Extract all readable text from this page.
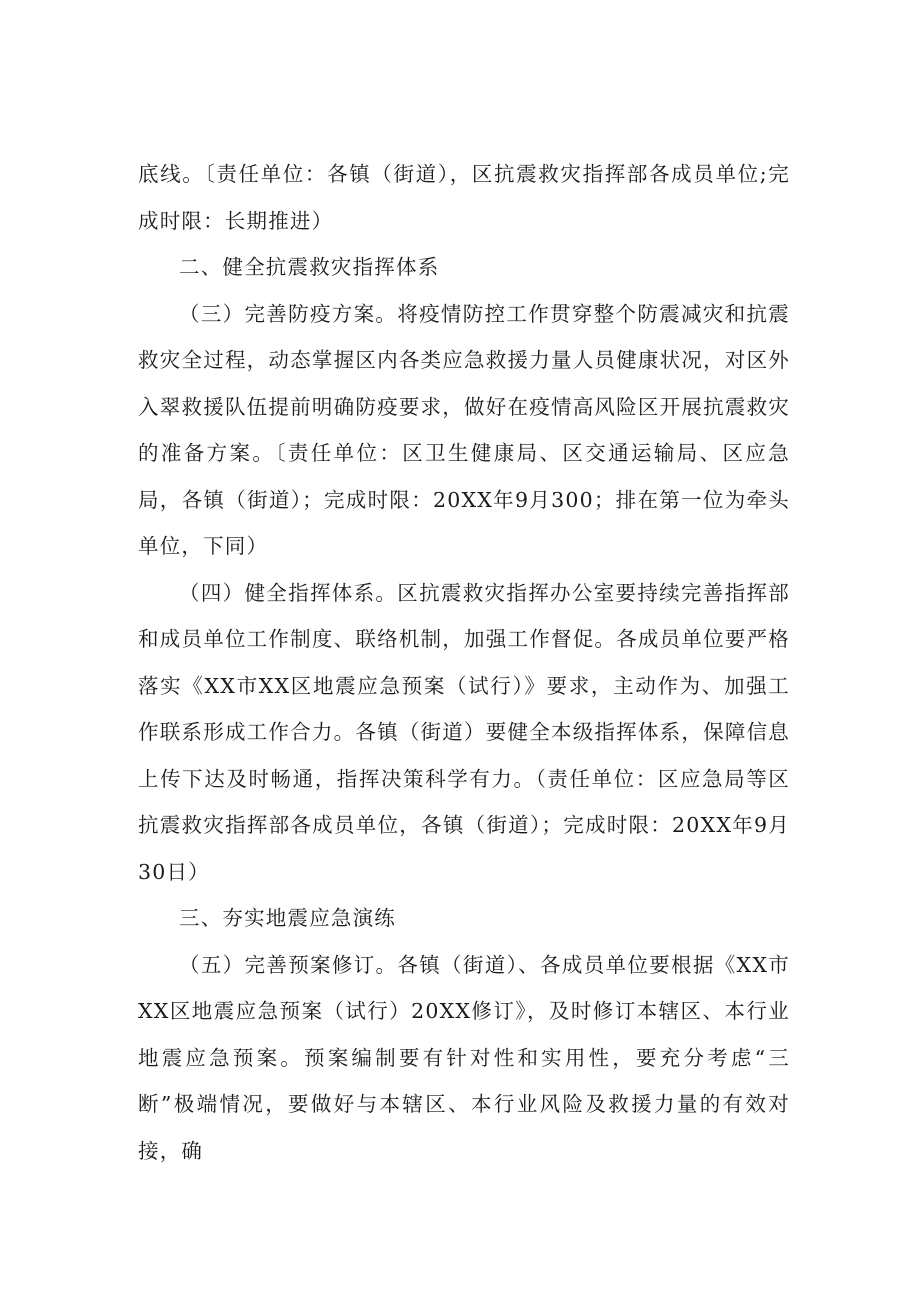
底线。〔责任单位：各镇（街道），区抗震救灾指挥部各成员单位;完成时限：长期推进）

二、健全抗震救灾指挥体系

（三）完善防疫方案。将疫情防控工作贯穿整个防震减灾和抗震救灾全过程，动态掌握区内各类应急救援力量人员健康状况，对区外入翠救援队伍提前明确防疫要求，做好在疫情高风险区开展抗震救灾的准备方案。〔责任单位：区卫生健康局、区交通运输局、区应急局，各镇（街道）；完成时限：20XX年9月300；排在第一位为牵头单位，下同）

（四）健全指挥体系。区抗震救灾指挥办公室要持续完善指挥部和成员单位工作制度、联络机制，加强工作督促。各成员单位要严格落实《XX市XX区地震应急预案（试行）》要求，主动作为、加强工作联系形成工作合力。各镇（街道）要健全本级指挥体系，保障信息上传下达及时畅通，指挥决策科学有力。（责任单位：区应急局等区抗震救灾指挥部各成员单位，各镇（街道）；完成时限：20XX年9月30日）

三、夯实地震应急演练

（五）完善预案修订。各镇（街道）、各成员单位要根据《XX市XX区地震应急预案（试行）20XX修订》，及时修订本辖区、本行业地震应急预案。预案编制要有针对性和实用性，要充分考虑“三断”极端情况，要做好与本辖区、本行业风险及救援力量的有效对接，确
